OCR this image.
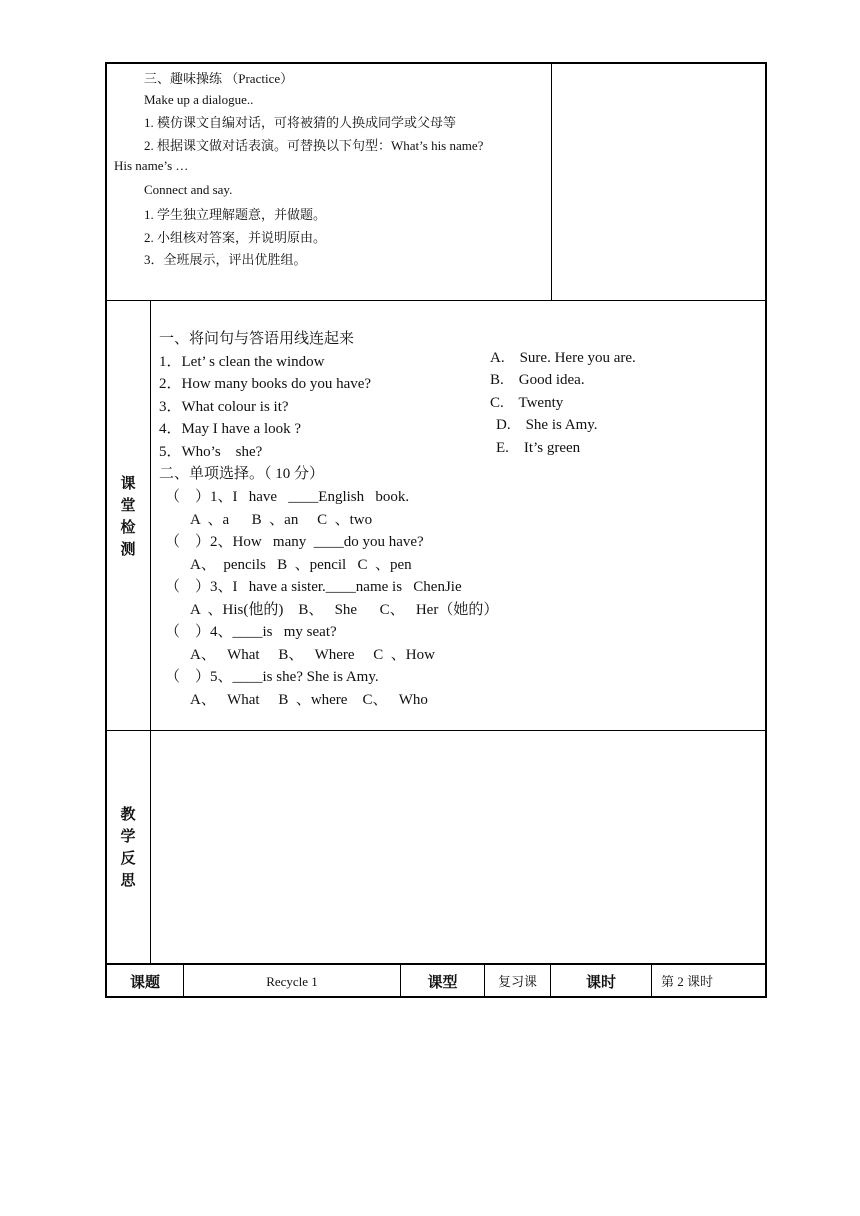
三、趣味操练 （Practice）
Make up a dialogue..
1. 模仿课文自编对话，可将被猜的人换成同学或父母等
2. 根据课文做对话表演。可替换以下句型：What’s his name?
His name’s …
Connect and say.
1. 学生独立理解题意，并做题。
2. 小组核对答案，并说明原由。
3．全班展示，评出优胜组。
课
堂
检
测
一、将问句与答语用线连起来
1．Let’ s clean the window
2．How many books do you have?
3．What colour is it?
4．May I have a look ?
5．Who’s    she?
A.    Sure. Here you are.
B.    Good idea.
C.    Twenty
D.    She is Amy.
E.    It’s green
二、单项选择。（ 10 分）
（    ）1、I   have   ____English   book.
A  、a      B  、an     C  、two
（    ）2、How   many  ____do you have?
A、  pencils   B  、pencil   C  、pen
（    ）3、I   have a sister.____name is   ChenJie
A  、His(他的)    B、   She      C、   Her（她的）
（    ）4、____is   my seat?
A、   What     B、   Where     C  、How
（    ）5、____is she? She is Amy.
A、   What     B  、where    C、   Who
教
学
反
思
课题	Recycle 1	课型	复习课	课时	第 2 课时
